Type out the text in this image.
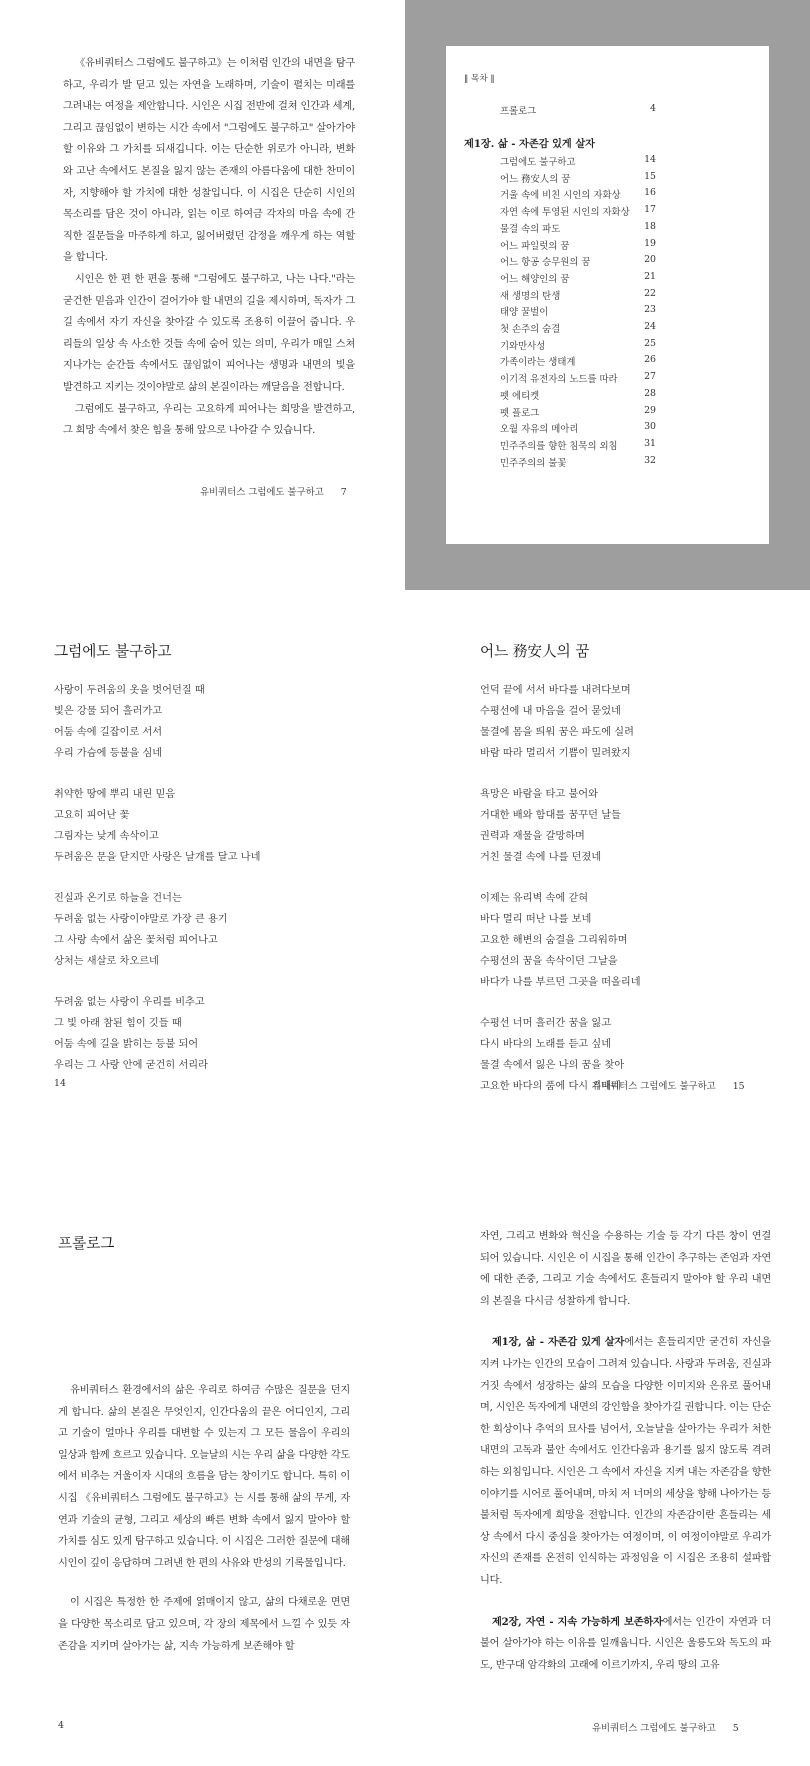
《유비쿼터스 그럼에도 불구하고》는 이처럼 인간의 내면을 탐구하고, 우리가 발 딛고 있는 자연을 노래하며, 기술이 펼치는 미래를 그려내는 여정을 제안합니다. 시인은 시집 전반에 걸쳐 인간과 세계, 그리고 끊임없이 변하는 시간 속에서 "그럼에도 불구하고" 살아가야 할 이유와 그 가치를 되새깁니다. 이는 단순한 위로가 아니라, 변화와 고난 속에서도 본질을 잃지 않는 존재의 아름다움에 대한 찬미이자, 지향해야 할 가치에 대한 성찰입니다. 이 시집은 단순히 시인의 목소리를 담은 것이 아니라, 읽는 이로 하여금 각자의 마음 속에 간직한 질문들을 마주하게 하고, 잃어버렸던 감정을 깨우게 하는 역할을 합니다.

시인은 한 편 한 편을 통해 "그럼에도 불구하고, 나는 나다."라는 굳건한 믿음과 인간이 걸어가야 할 내면의 길을 제시하며, 독자가 그 길 속에서 자기 자신을 찾아갈 수 있도록 조용히 이끌어 줍니다. 우리들의 일상 속 사소한 것들 속에 숨어 있는 의미, 우리가 매일 스쳐 지나가는 순간들 속에서도 끊임없이 피어나는 생명과 내면의 빛을 발견하고 지키는 것이야말로 삶의 본질이라는 깨달음을 전합니다.

그럼에도 불구하고, 우리는 고요하게 피어나는 희망을 발견하고, 그 희망 속에서 찾은 힘을 통해 앞으로 나아갈 수 있습니다.

유비쿼터스 그럼에도 불구하고 7
‖ 목차 ‖
프롤로그	4
제1장. 삶 - 자존감 있게 살자
그럼에도 불구하고	14
어느 務安人의 꿈	15
거울 속에 비친 시인의 자화상	16
자연 속에 투영된 시인의 자화상	17
물결 속의 파도	18
어느 파일럿의 꿈	19
어느 항공 승무원의 꿈	20
어느 해양인의 꿈	21
새 생명의 탄생	22
태양 꿀벌이	23
첫 손주의 숨결	24
기와만사성	25
가족이라는 생태계	26
이기적 유전자의 노드를 따라	27
펫 에티켓	28
펫 플로그	29
오월 자유의 메아리	30
민주주의를 향한 침묵의 외침	31
민주주의의 불꽃	32
그럼에도 불구하고
사랑이 두려움의 옷을 벗어던질 때
빛은 강물 되어 흘러가고
어둠 속에 길잡이로 서서
우리 가슴에 등불을 심네
취약한 땅에 뿌리 내린 믿음
고요히 피어난 꽃
그림자는 낮게 속삭이고
두려움은 문을 닫지만 사랑은 날개를 달고 나네
진실과 온기로 하늘을 건너는
두려움 없는 사랑이야말로 가장 큰 용기
그 사랑 속에서 삶은 꽃처럼 피어나고
상처는 새살로 차오르네
두려움 없는 사랑이 우리를 비추고
그 빛 아래 참된 힘이 깃들 때
어둠 속에 길을 밝히는 등불 되어
우리는 그 사랑 안에 굳건히 서리라
14
어느 務安人의 꿈
언덕 끝에 서서 바다를 내려다보며
수평선에 내 마음을 걸어 묻었네
물결에 몸을 띄워 꿈은 파도에 실려
바람 따라 멀리서 기쁨이 밀려왔지
욕망은 바람을 타고 불어와
거대한 배와 함대를 꿈꾸던 날들
권력과 재물을 갈망하며
거친 물결 속에 나를 던졌네
이제는 유리벽 속에 갇혀
바다 멀리 떠난 나를 보네
고요한 해변의 숨결을 그리워하며
수평선의 꿈을 속삭이던 그날을
바다가 나를 부르던 그곳을 떠올리네
수평선 너머 흘러간 꿈을 잃고
다시 바다의 노래를 듣고 싶네
물결 속에서 잃은 나의 꿈을 찾아
고요한 바다의 품에 다시 기대네
유비쿼터스 그럼에도 불구하고 15
프롤로그

유비쿼터스 환경에서의 삶은 우리로 하여금 수많은 질문을 던지게 합니다. 삶의 본질은 무엇인지, 인간다움의 끝은 어디인지, 그리고 기술이 얼마나 우리를 대변할 수 있는지 그 모든 물음이 우리의 일상과 함께 흐르고 있습니다. 오늘날의 시는 우리 삶을 다양한 각도에서 비추는 거울이자 시대의 흐름을 담는 창이기도 합니다. 특히 이 시집 《유비쿼터스 그럼에도 불구하고》는 시를 통해 삶의 무게, 자연과 기술의 균형, 그리고 세상의 빠른 변화 속에서 잃지 말아야 할 가치를 심도 있게 탐구하고 있습니다. 이 시집은 그러한 질문에 대해 시인이 깊이 응답하며 그려낸 한 편의 사유와 반성의 기록물입니다.

이 시집은 특정한 한 주제에 얽매이지 않고, 삶의 다채로운 면면을 다양한 목소리로 담고 있으며, 각 장의 제목에서 느낄 수 있듯 자존감을 지키며 살아가는 삶, 지속 가능하게 보존해야 할

4

자연, 그리고 변화와 혁신을 수용하는 기술 등 각기 다른 창이 연결되어 있습니다. 시인은 이 시집을 통해 인간이 추구하는 존엄과 자연에 대한 존중, 그리고 기술 속에서도 흔들리지 말아야 할 우리 내면의 본질을 다시금 성찰하게 합니다.

제1장, 삶 - 자존감 있게 살자에서는 흔들리지만 굳건히 자신을 지켜 나가는 인간의 모습이 그려져 있습니다. 사랑과 두려움, 진실과 거짓 속에서 성장하는 삶의 모습을 다양한 이미지와 은유로 풀어내며, 시인은 독자에게 내면의 강인함을 찾아가길 권합니다. 이는 단순한 회상이나 추억의 묘사를 넘어서, 오늘날을 살아가는 우리가 처한 내면의 고독과 불안 속에서도 인간다움과 용기를 잃지 않도록 격려하는 외침입니다. 시인은 그 속에서 자신을 지켜 내는 자존감을 향한 이야기를 시어로 풀어내며, 마치 저 너머의 세상을 향해 나아가는 등불처럼 독자에게 희망을 전합니다. 인간의 자존감이란 흔들리는 세상 속에서 다시 중심을 찾아가는 여정이며, 이 여정이야말로 우리가 자신의 존재를 온전히 인식하는 과정임을 이 시집은 조용히 설파합니다.

제2장, 자연 - 지속 가능하게 보존하자에서는 인간이 자연과 더불어 살아가야 하는 이유를 일깨웁니다. 시인은 울릉도와 독도의 파도, 반구대 암각화의 고래에 이르기까지, 우리 땅의 고유

유비쿼터스 그럼에도 불구하고 5
